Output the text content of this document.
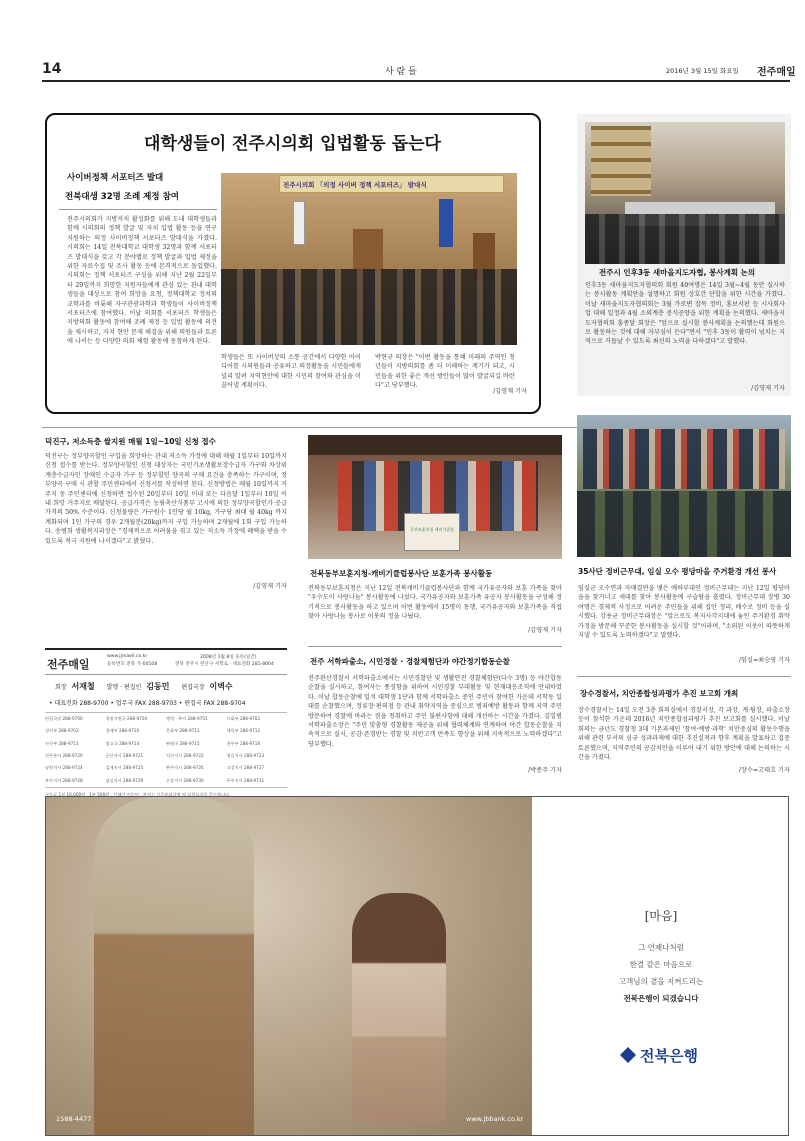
14	사 람 들	2016년 3월 15일 화요일 전주매일
대학생들이 전주시의회 입법활동 돕는다
사이버정책 서포터즈 발대
전북대생 32명 조례 제정 참여
전주시의회 「의정 사이버 정책 서포터즈」 발대식
전주시의회가 지방자치 활성화를 위해 도내 대학생들과 함께 시의회의 정책 발굴 및 자치 입법 활동 등을 연구 지원하는 의정 사이버정책 서포터즈 발대식을 가졌다. 시의회는 14일 전북대학교 대학생 32명과 함께 서포터즈 발대식을 갖고 각 분야별로 정책 발굴과 입법 제정을 위한 자료수집 및 조사 활동 등에 본격적으로 돌입했다. 시의회는 정책 서포터즈 구성을 위해 지난 2월 22일부터 29일까지 희망한 지원자들에게 관심 있는 관내 대학생들을 대상으로 참여 희망을 요청, 정책대학교 정치외교학과를 비롯해 자구관광과학과 학생들이 사이버정책 서포터즈에 참여했다. 이날 의회를 서포터즈 학생들은 지방의회 활동에 참여해 조례 제정 등 입법 활동에 의견을 제시하고, 자치 현안 문제 해결을 위해 의원들과 토론에 나서는 등 다양한 의회 체험 활동에 동참하게 된다.
학생들은 또 사이버상의 소통 공간에서 다양한 아이디어를 시의원들과 공유하고 의정활동을 시민들에게 널리 알려 지역현안에 대한 시민의 참여와 관심을 이끌어낼 계획이다.
박현규 의장은 "이번 활동을 통해 미래의 주역인 청년들이 지방의회를 좀 더 이해하는 계기가 되고, 시민들을 위한 좋은 개선 방안들이 많이 발굴되길 바란다"고 당부했다.
/김영재 기자
전주시 인후3동 새마을지도자협, 봉사계획 논의
인후3동 새마을지도자협의회 회원 40여명은 14일 3월~4월 동안 실시하는 봉사활동 계획안을 설명하고 회원 상호간 단합을 위한 시간을 가졌다. 이날 새마을지도자협의회는 3월 가로변 잡목 정비, 홍보서판 등 시사회사업 대해 일정과 4월 소외계층 중식공양을 위한 계획을 논의했다. 새마을지도자협의회 홍종달 회장은 "앞으로 실시할 봉사계획을 논의했는데 회원으로 활동하는 것에 대해 자부심이 든다"면서 "인후 3동이 활력이 넘치는 지역으로 거듭날 수 있도록 최선의 노력을 다하겠다"고 말했다.
/김영재 기자
덕진구, 저소득층 쌀지원 매월 1일~10일 신청 접수
덕진구는 정부양곡할인 구입을 희망하는 관내 저소득 가정에 대해 매월 1일부터 10일까지 신청 접수를 받는다. 정부양곡할인 신청 대상자는 국민기초생활보장수급자 가구와 차상위 계층수급자인 장애인 수급자 가구 등 정부할인 양곡의 구매 요건을 충족하는 가구이며, 정부양곡 구매 시 관할 주민센터에서 신청서를 작성하면 된다. 신청방법은 매월 10일까지 거주지 동 주민센터에 신청하면 접수된 20일부터 10일 이내 또는 다음달 1일부터 10일 이내 희망 거주지로 배달된다. 공급가격은 농림축산식품부 고시에 의한 정부양곡할인가 공급가격의 50% 수준이다. 신청물량은 가구원수 1인당 월 10kg, 가구당 최대 월 40kg 까지 계화되며 1인 가구의 경우 2개월분(20kg)까지 구입 가능하며 2개월에 1회 구입 가능하다. 송병희 생활복지과장은 "경제적으로 어려움을 겪고 있는 저소득 가정에 혜택을 받을 수 있도록 적극 지원에 나서겠다"고 밝혔다.
/김영재 기자
전주매일
www.jjmaeil.co.kr
등록번호 전북 가-00108
2008년 1월 8일 등록(일간)
전북 전주시 완산구 서학로 · 대표전화 281-8004
회장 서재철 발행 · 편집인 김동민 편집국장 이벽수
• 대표전화 288-9700 • 업무국 FAX 288-9703 • 편집국 FAX 288-9704
편집국장 288-9700	경영지원국 288-9704	행정 · 복지 288-9701	사회부 288-9702
정치부 288-9703	경제부 288-9710	문화부 288-9711	체육부 288-9712
사진부 288-9713	광고국 288-9714	판매국 288-9715	총무부 288-9716
전주본사 288-9720	군산지사 288-9721	익산지사 288-9722	정읍지사 288-9723
남원지사 288-9724	김제지사 288-9725	완주지사 288-9726	고창지사 288-9727
부안지사 288-9728	임실지사 288-9729	순창지사 288-9730	무주지사 288-9731
구독료 1월 10,000원 · 1부 500원 · 인쇄인 이동민 · 본지는 신문윤리강령 및 실천요강을 준수합니다.
동부보훈지청 캐비기클럽
전북동부보훈지청-캐비기클럽봉사단 보훈가족 봉사활동
전북동부보훈지청은 지난 12일 전북캐비기클럽봉사단과 함께 국가유공자와 보훈 가족을 찾아 "우수도이 사랑나눔" 봉사활동에 나섰다. 국가유공자와 보훈가족 유공자 봉사활동을 구성해 정기적으로 봉사활동을 하고 있으며 이번 활동에서 15명이 동행, 국가유공자와 보훈가족을 직접 찾아 사랑나눔 봉사로 이웃의 정을 나눴다.
/김영재 기자
전주 서학파출소, 시민경찰 · 경찰체험단과 야간정기합동순찰
전주완산경찰서 서학파출소에서는 시민경찰단 및 생활안전 경찰체험단(다수 3명) 등 야간합동순찰을 실시하고, 참여자는 풍성함을 위하여 시민경찰 부대활동 및 현재대응조직에 안내하였다. 이날 합동순찰에 일석 대학생 1단과 함께 서학파출소 중인 주민이 참여한 가운데 서학동 일대를 순찰했으며, 정류장·편의점 등 관내 취약지역을 중심으로 범죄예방 활동과 함께 지역 주민 방문하여 경찰에 바라는 점을 청취하고 주민 불편사항에 대해 개선하는 시간을 가졌다. 김일범 서학파출소장은 "주민 맞춤형 경찰활동 제공을 위해 협력체계와 연계하여 야간 합동순찰을 지속적으로 실시, 공감·존경받는 경찰 및 치안고객 만족도 향상을 위해 지속적으로 노력하겠다"고 당부했다.
/박종주 기자
35사단 정비근무대, 임실 오수 평당마을 주거환경 개선 봉사
임실군 오수면과 자매결연을 맺은 예하부대인 정비근무대는 지난 12일 평당마을을 찾거너고 세대를 찾아 봉사활동에 구슬땀을 흘렸다. 정비근무대 장병 30여명은 경제적 사정으로 어려운 주민들을 위해 집안 정리, 배수로 정비 등을 실시했다. 강용균 정비근무대장은 "앞으로도 복지사각지대에 놓인 주거환경 취약 가정을 방문해 꾸준한 봉사활동을 실시할 것"이라며, "소외된 이웃이 따뜻하게 지낼 수 있도록 노력하겠다"고 말했다.
/임실=최승영 기자
장수경찰서, 치안종합성과평가 추진 보고회 개최
장수경찰서는 14일 오전 3층 회의실에서 경찰서장, 각 과장, 계·팀장, 파출소장 등이 참석한 가운데 2016년 치안종합성과평가 추진 보고회를 실시했다. 이날 회의는 금년도 경찰청 3대 기본과제인 '참여·예방·과학' 치안중심의 활동수행을 위해 관련 부서의 심규 성과과제에 대한 추진실적과 향후 계획을 발표하고 집중 토론했으며, 지역주민의 공감치안을 이루어 내기 위한 방안에 대해 논의하는 시간을 가졌다.
/장수=고태호 기자
1588-4477	www.jbbank.co.kr
[마음]
그 언제나처럼
한결 같은 마음으로
고객님의 곁을 지켜드리는
전북은행이 되겠습니다
전북은행
